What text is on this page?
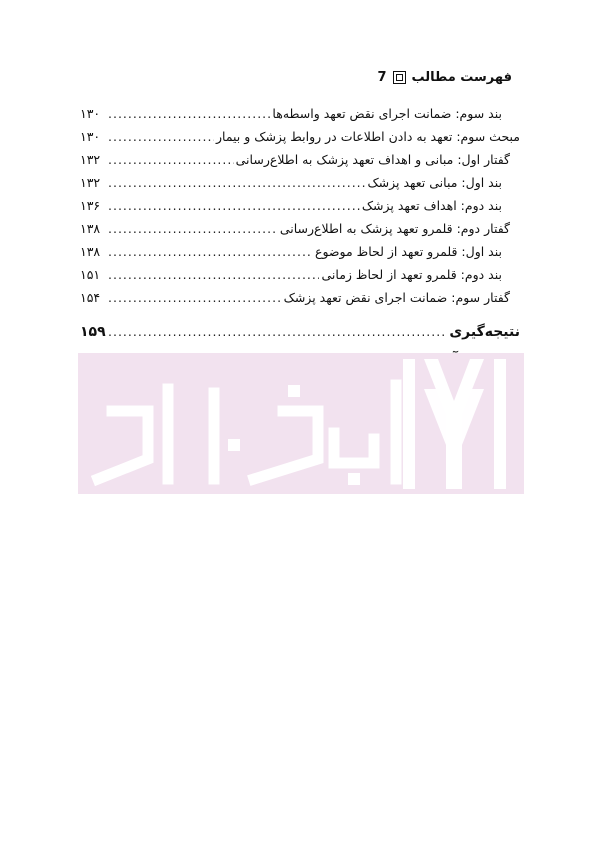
فهرست مطالب
7
بند سوم: ضمانت اجرای نقض تعهد واسطه‌ها
.....
۱۳۰
مبحث سوم: تعهد به دادن اطلاعات در روابط پزشک و بیمار
.....
۱۳۰
گفتار اول: مبانی و اهداف تعهد پزشک به اطلاع‌رسانی
.....
۱۳۲
بند اول: مبانی تعهد پزشک
.....
۱۳۲
بند دوم: اهداف تعهد پزشک
.....
۱۳۶
گفتار دوم: قلمرو تعهد پزشک به اطلاع‌رسانی
.....
۱۳۸
بند اول: قلمرو تعهد از لحاظ موضوع
.....
۱۳۸
بند دوم: قلمرو تعهد از لحاظ زمانی
.....
۱۵۱
گفتار سوم: ضمانت اجرای نقض تعهد پزشک
.....
۱۵۴
نتیجه‌گیری
.....
۱۵۹
.....
